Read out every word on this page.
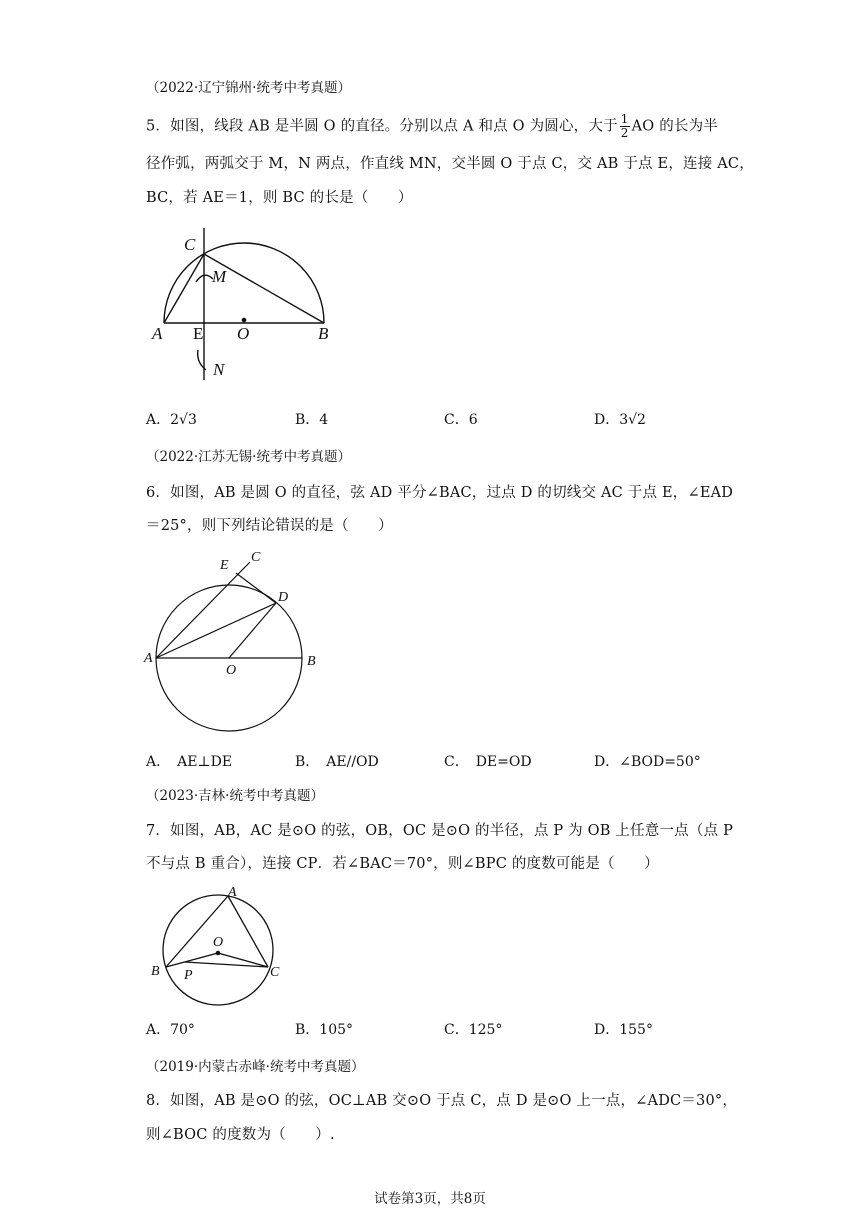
（2022·辽宁锦州·统考中考真题）
5．如图，线段 AB 是半圆 O 的直径。分别以点 A 和点 O 为圆心，大于 $\frac{1}{2}$ AO 的长为半
径作弧，两弧交于 M，N 两点，作直线 MN，交半圆 O 于点 C，交 AB 于点 E，连接 AC，
BC，若 AE＝1，则 BC 的长是（　　）
C
M
A E O	B
N
A．2√3	B．4	C．6	D．3√2
（2022·江苏无锡·统考中考真题）
6．如图，AB 是圆 O 的直径，弦 AD 平分∠BAC，过点 D 的切线交 AC 于点 E，∠EAD
＝25°，则下列结论错误的是（　　）
E
C
D
A
O
B
A．　AE⊥DE	B．　AE//OD	C．　DE=OD	D．∠BOD=50°
（2023·吉林·统考中考真题）
7．如图，AB，AC 是⊙O 的弦，OB，OC 是⊙O 的半径，点 P 为 OB 上任意一点（点 P
不与点 B 重合），连接 CP．若∠BAC＝70°，则∠BPC 的度数可能是（　　）
A
O
B P	C
A．70°	B．105°	C．125°	D．155°
（2019·内蒙古赤峰·统考中考真题）
8．如图，AB 是⊙O 的弦，OC⊥AB 交⊙O 于点 C，点 D 是⊙O 上一点，∠ADC＝30°，
则∠BOC 的度数为（　　）.
试卷第3页，共8页
